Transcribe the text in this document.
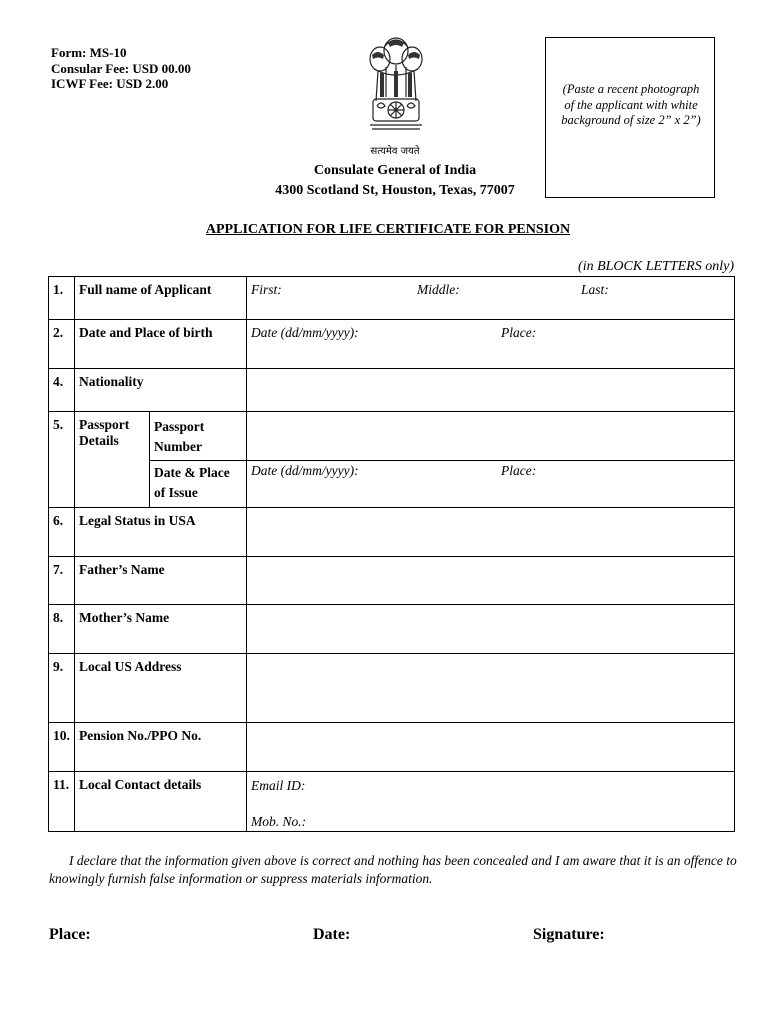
Form: MS-10
Consular Fee: USD 00.00
ICWF Fee: USD 2.00
सत्यमेव जयते
Consulate General of India
4300 Scotland St, Houston, Texas, 77007
(Paste a recent photograph of the applicant with white background of size 2” x 2”)
APPLICATION FOR LIFE CERTIFICATE FOR PENSION
(in BLOCK LETTERS only)
1.	Full name of Applicant		First: Middle: Last:

2.	Date and Place of birth		Date (dd/mm/yyyy): Place:

4.	Nationality		
5.	Passport Details	Passport Number	
		Date & Place of Issue	Date (dd/mm/yyyy): Place:

6.	Legal Status in USA		
7.	Father’s Name		
8.	Mother’s Name		
9.	Local US Address		
10.	Pension No./PPO No.		
11.	Local Contact details		Email ID:
Mob. No.:
I declare that the information given above is correct and nothing has been concealed and I am aware that it is an offence to knowingly furnish false information or suppress materials information.
Place:	Date:	Signature:
